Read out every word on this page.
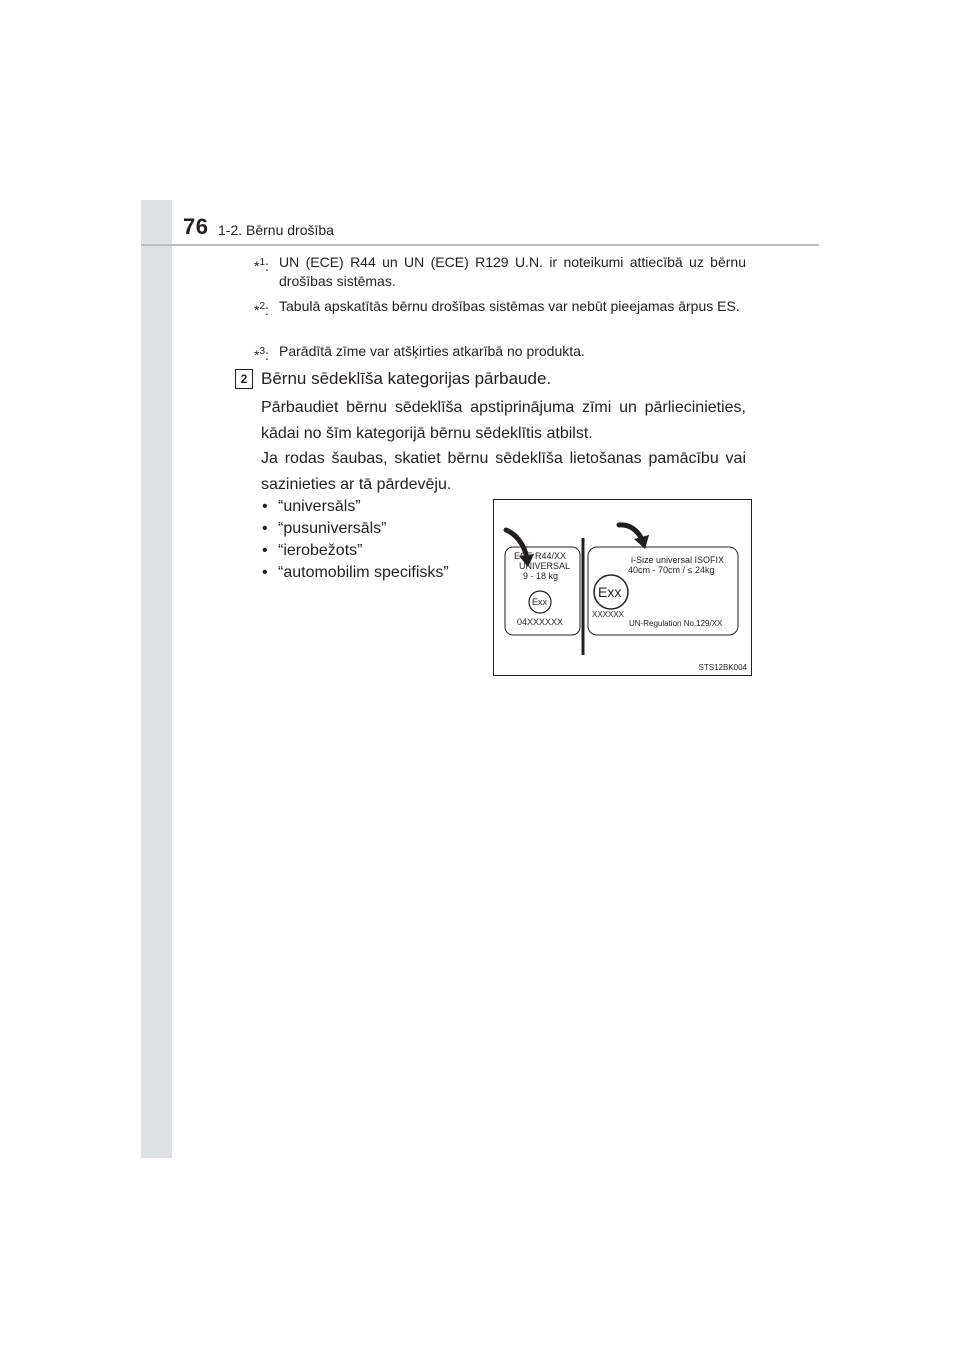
76 1-2. Bērnu drošība
*$^1$: UN (ECE) R44 un UN (ECE) R129 U.N. ir noteikumi attiecībā uz bērnu drošības sistēmas.
*$^2$: Tabulā apskatītās bērnu drošības sistēmas var nebūt pieejamas ārpus ES.
*$^3$: Parādītā zīme var atšķirties atkarībā no produkta.
2 Bērnu sēdeklīša kategorijas pārbaude.
Pārbaudiet bērnu sēdeklīša apstiprinājuma zīmi un pārliecinieties, kādai no šīm kategorijā bērnu sēdeklītis atbilst.
Ja rodas šaubas, skatiet bērnu sēdeklīša lietošanas pamācību vai sazinieties ar tā pārdevēju.
• “universāls”
• “pusuniversāls”
• “ierobežots”
• “automobilim specifisks”
ECE R44/XX
UNIVERSAL
9 - 18 kg
Exx
04XXXXXX
i-Size universal ISOFIX
40cm - 70cm / ≤ 24kg
Exx
XXXXXX
UN-Regulation No.129/XX
STS12BK004
